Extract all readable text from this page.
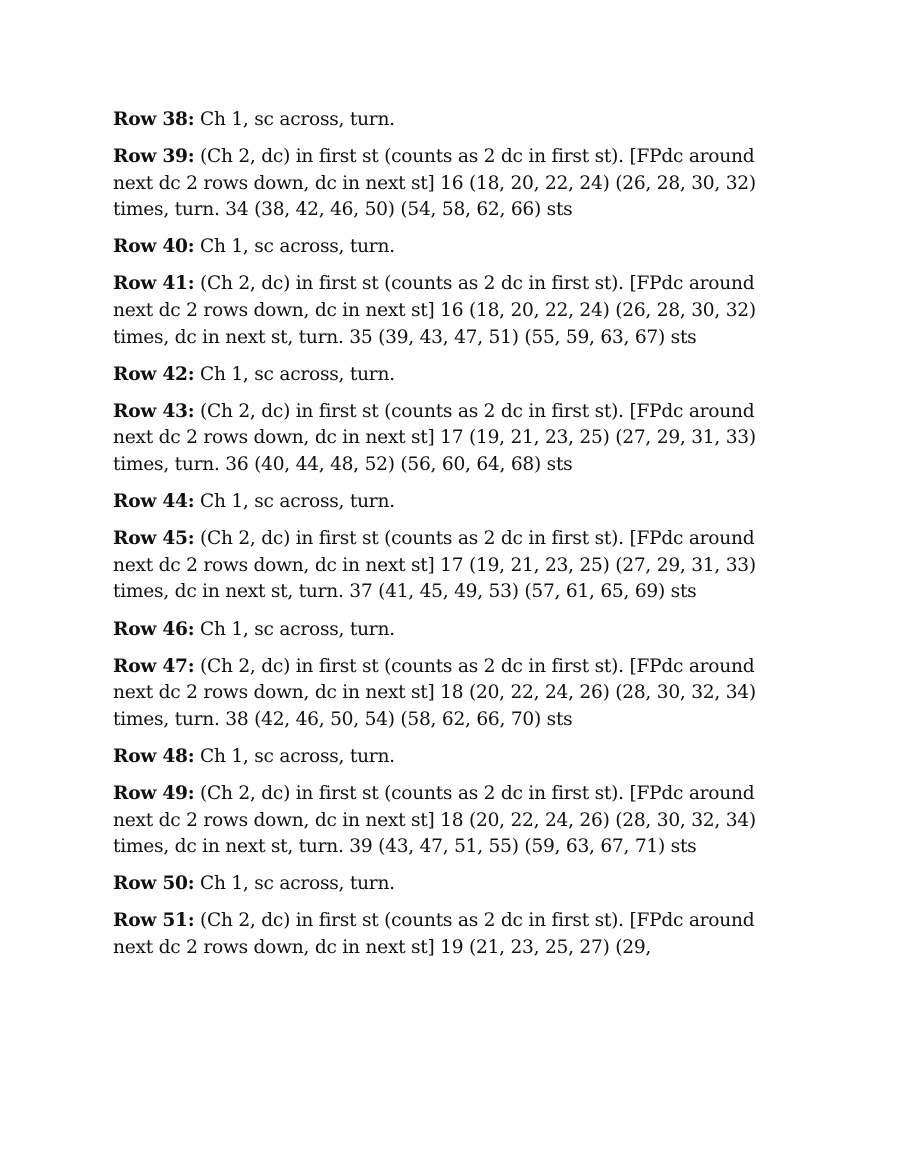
Row 38: Ch 1, sc across, turn.

Row 39: (Ch 2, dc) in first st (counts as 2 dc in first st). [FPdc around next dc 2 rows down, dc in next st] 16 (18, 20, 22, 24) (26, 28, 30, 32) times, turn. 34 (38, 42, 46, 50) (54, 58, 62, 66) sts

Row 40: Ch 1, sc across, turn.

Row 41: (Ch 2, dc) in first st (counts as 2 dc in first st). [FPdc around next dc 2 rows down, dc in next st] 16 (18, 20, 22, 24) (26, 28, 30, 32) times, dc in next st, turn. 35 (39, 43, 47, 51) (55, 59, 63, 67) sts

Row 42: Ch 1, sc across, turn.

Row 43: (Ch 2, dc) in first st (counts as 2 dc in first st). [FPdc around next dc 2 rows down, dc in next st] 17 (19, 21, 23, 25) (27, 29, 31, 33) times, turn. 36 (40, 44, 48, 52) (56, 60, 64, 68) sts

Row 44: Ch 1, sc across, turn.

Row 45: (Ch 2, dc) in first st (counts as 2 dc in first st). [FPdc around next dc 2 rows down, dc in next st] 17 (19, 21, 23, 25) (27, 29, 31, 33) times, dc in next st, turn. 37 (41, 45, 49, 53) (57, 61, 65, 69) sts

Row 46: Ch 1, sc across, turn.

Row 47: (Ch 2, dc) in first st (counts as 2 dc in first st). [FPdc around next dc 2 rows down, dc in next st] 18 (20, 22, 24, 26) (28, 30, 32, 34) times, turn. 38 (42, 46, 50, 54) (58, 62, 66, 70) sts

Row 48: Ch 1, sc across, turn.

Row 49: (Ch 2, dc) in first st (counts as 2 dc in first st). [FPdc around next dc 2 rows down, dc in next st] 18 (20, 22, 24, 26) (28, 30, 32, 34) times, dc in next st, turn. 39 (43, 47, 51, 55) (59, 63, 67, 71) sts

Row 50: Ch 1, sc across, turn.

Row 51: (Ch 2, dc) in first st (counts as 2 dc in first st). [FPdc around next dc 2 rows down, dc in next st] 19 (21, 23, 25, 27) (29,
